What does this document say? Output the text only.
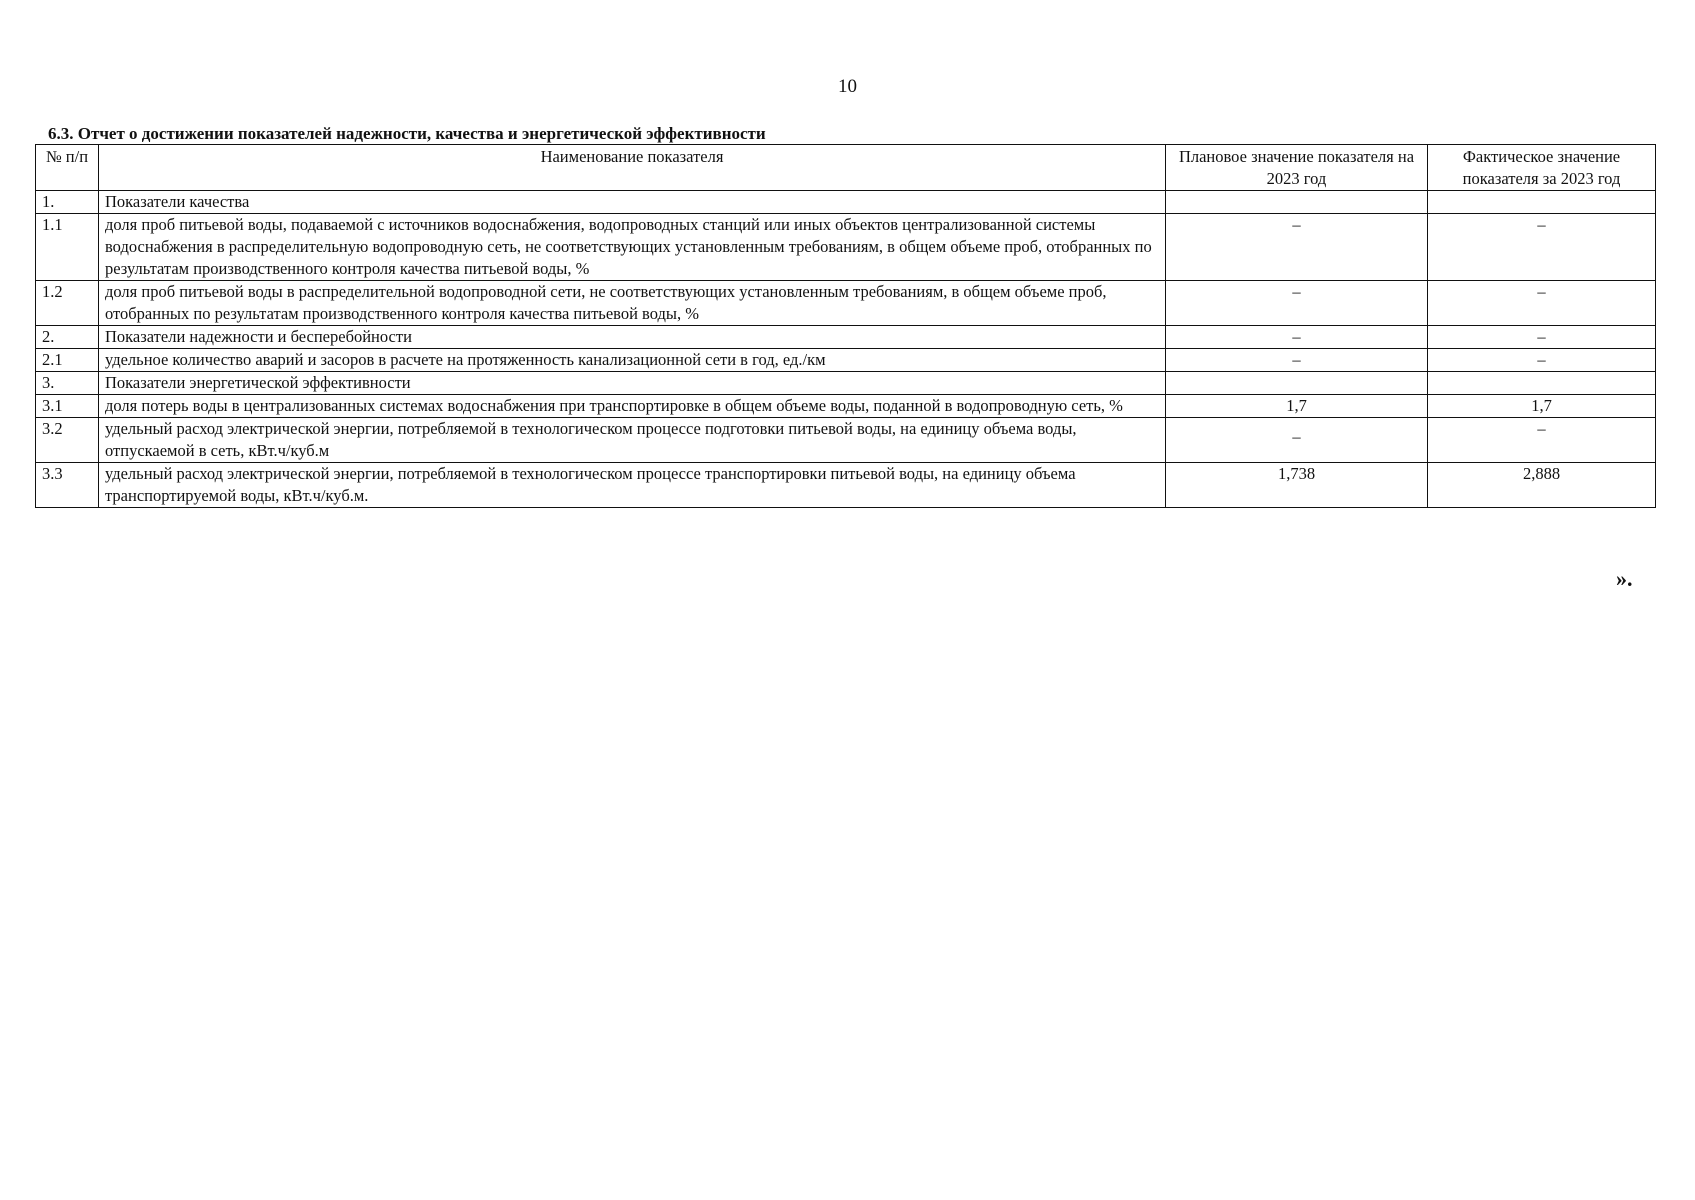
10
6.3. Отчет о достижении показателей надежности, качества и энергетической эффективности
№ п/п	Наименование показателя	Плановое значение показателя на 2023 год	Фактическое значение показателя за 2023 год
1.	Показатели качества		
1.1	доля проб питьевой воды, подаваемой с источников водоснабжения, водопроводных станций или иных объектов централизованной системы водоснабжения в распределительную водопроводную сеть, не соответствующих установленным требованиям, в общем объеме проб, отобранных по результатам производственного контроля качества питьевой воды, %	–	–
1.2	доля проб питьевой воды в распределительной водопроводной сети, не соответствующих установленным требованиям, в общем объеме проб, отобранных по результатам производственного контроля качества питьевой воды, %	–	–
2.	Показатели надежности и бесперебойности	–	–
2.1	удельное количество аварий и засоров в расчете на протяженность канализационной сети в год, ед./км	–	–
3.	Показатели энергетической эффективности		
3.1	доля потерь воды в централизованных системах водоснабжения при транспортировке в общем объеме воды, поданной в водопроводную сеть, %	1,7	1,7
3.2	удельный расход электрической энергии, потребляемой в технологическом процессе подготовки питьевой воды, на единицу объема воды, отпускаемой в сеть, кВт.ч/куб.м	–	–
3.3	удельный расход электрической энергии, потребляемой в технологическом процессе транспортировки питьевой воды, на единицу объема транспортируемой воды, кВт.ч/куб.м.	1,738	2,888
».
